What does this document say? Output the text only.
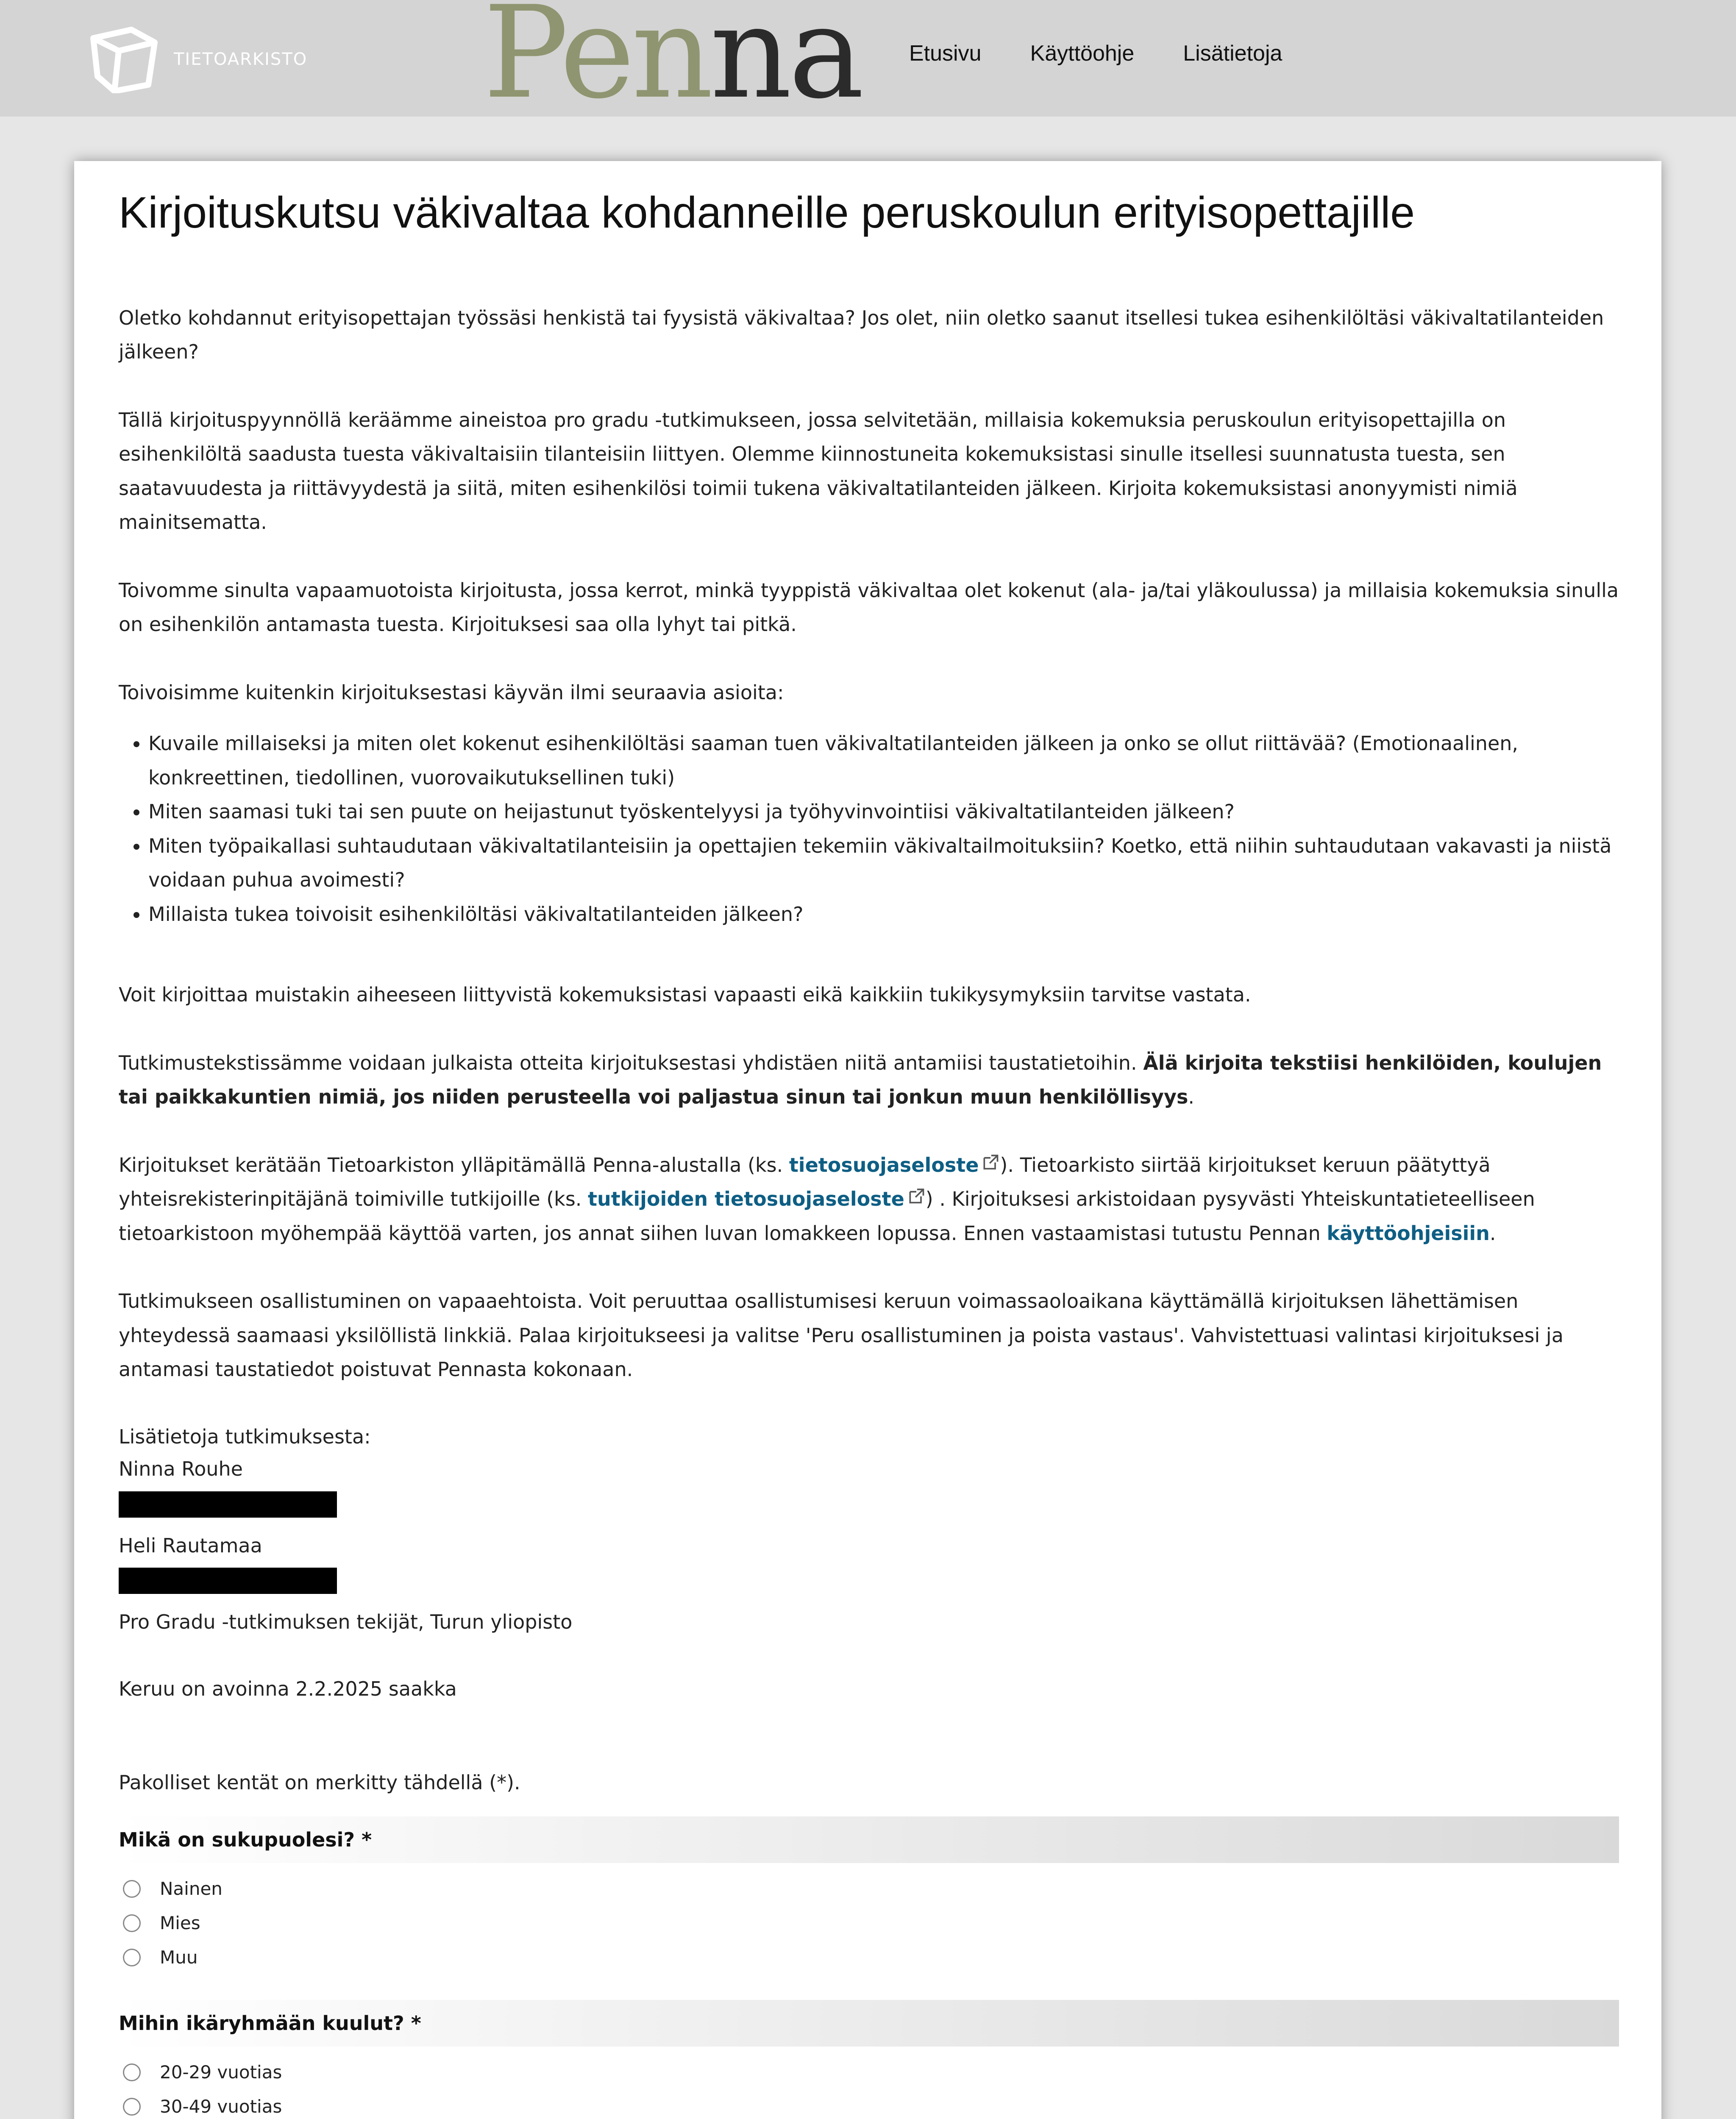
TIETOARKISTO Penna Etusivu Käyttöohje Lisätietoja
Kirjoituskutsu väkivaltaa kohdanneille peruskoulun erityisopettajille

Oletko kohdannut erityisopettajan työssäsi henkistä tai fyysistä väkivaltaa? Jos olet, niin oletko saanut itsellesi tukea esihenkilöltäsi väkivaltatilanteiden jälkeen?

Tällä kirjoituspyynnöllä keräämme aineistoa pro gradu -tutkimukseen, jossa selvitetään, millaisia kokemuksia peruskoulun erityisopettajilla on esihenkilöltä saadusta tuesta väkivaltaisiin tilanteisiin liittyen. Olemme kiinnostuneita kokemuksistasi sinulle itsellesi suunnatusta tuesta, sen saatavuudesta ja riittävyydestä ja siitä, miten esihenkilösi toimii tukena väkivaltatilanteiden jälkeen. Kirjoita kokemuksistasi anonyymisti nimiä mainitsematta.

Toivomme sinulta vapaamuotoista kirjoitusta, jossa kerrot, minkä tyyppistä väkivaltaa olet kokenut (ala- ja/tai yläkoulussa) ja millaisia kokemuksia sinulla on esihenkilön antamasta tuesta. Kirjoituksesi saa olla lyhyt tai pitkä.

Toivoisimme kuitenkin kirjoituksestasi käyvän ilmi seuraavia asioita:

• Kuvaile millaiseksi ja miten olet kokenut esihenkilöltäsi saaman tuen väkivaltatilanteiden jälkeen ja onko se ollut riittävää? (Emotionaalinen, konkreettinen, tiedollinen, vuorovaikutuksellinen tuki)
• Miten saamasi tuki tai sen puute on heijastunut työskentelyysi ja työhyvinvointiisi väkivaltatilanteiden jälkeen?
• Miten työpaikallasi suhtaudutaan väkivaltatilanteisiin ja opettajien tekemiin väkivaltailmoituksiin? Koetko, että niihin suhtaudutaan vakavasti ja niistä voidaan puhua avoimesti?
• Millaista tukea toivoisit esihenkilöltäsi väkivaltatilanteiden jälkeen?

Voit kirjoittaa muistakin aiheeseen liittyvistä kokemuksistasi vapaasti eikä kaikkiin tukikysymyksiin tarvitse vastata.

Tutkimustekstissämme voidaan julkaista otteita kirjoituksestasi yhdistäen niitä antamiisi taustatietoihin. Älä kirjoita tekstiisi henkilöiden, koulujen tai paikkakuntien nimiä, jos niiden perusteella voi paljastua sinun tai jonkun muun henkilöllisyys.

Kirjoitukset kerätään Tietoarkiston ylläpitämällä Penna-alustalla (ks. tietosuojaseloste ). Tietoarkisto siirtää kirjoitukset keruun päätyttyä yhteisrekisterinpitäjänä toimiville tutkijoille (ks. tutkijoiden tietosuojaseloste ) . Kirjoituksesi arkistoidaan pysyvästi Yhteiskuntatieteelliseen tietoarkistoon myöhempää käyttöä varten, jos annat siihen luvan lomakkeen lopussa. Ennen vastaamistasi tutustu Pennan käyttöohjeisiin.

Tutkimukseen osallistuminen on vapaaehtoista. Voit peruuttaa osallistumisesi keruun voimassaoloaikana käyttämällä kirjoituksen lähettämisen yhteydessä saamaasi yksilöllistä linkkiä. Palaa kirjoitukseesi ja valitse 'Peru osallistuminen ja poista vastaus'. Vahvistettuasi valintasi kirjoituksesi ja antamasi taustatiedot poistuvat Pennasta kokonaan.

Lisätietoja tutkimuksesta:
Ninna Rouhe
Heli Rautamaa
Pro Gradu -tutkimuksen tekijät, Turun yliopisto

Keruu on avoinna 2.2.2025 saakka

Pakolliset kentät on merkitty tähdellä (*).

Mikä on sukupuolesi? *
Nainen
Mies
Muu
Mihin ikäryhmään kuulut? *
20-29 vuotias
30-49 vuotias
